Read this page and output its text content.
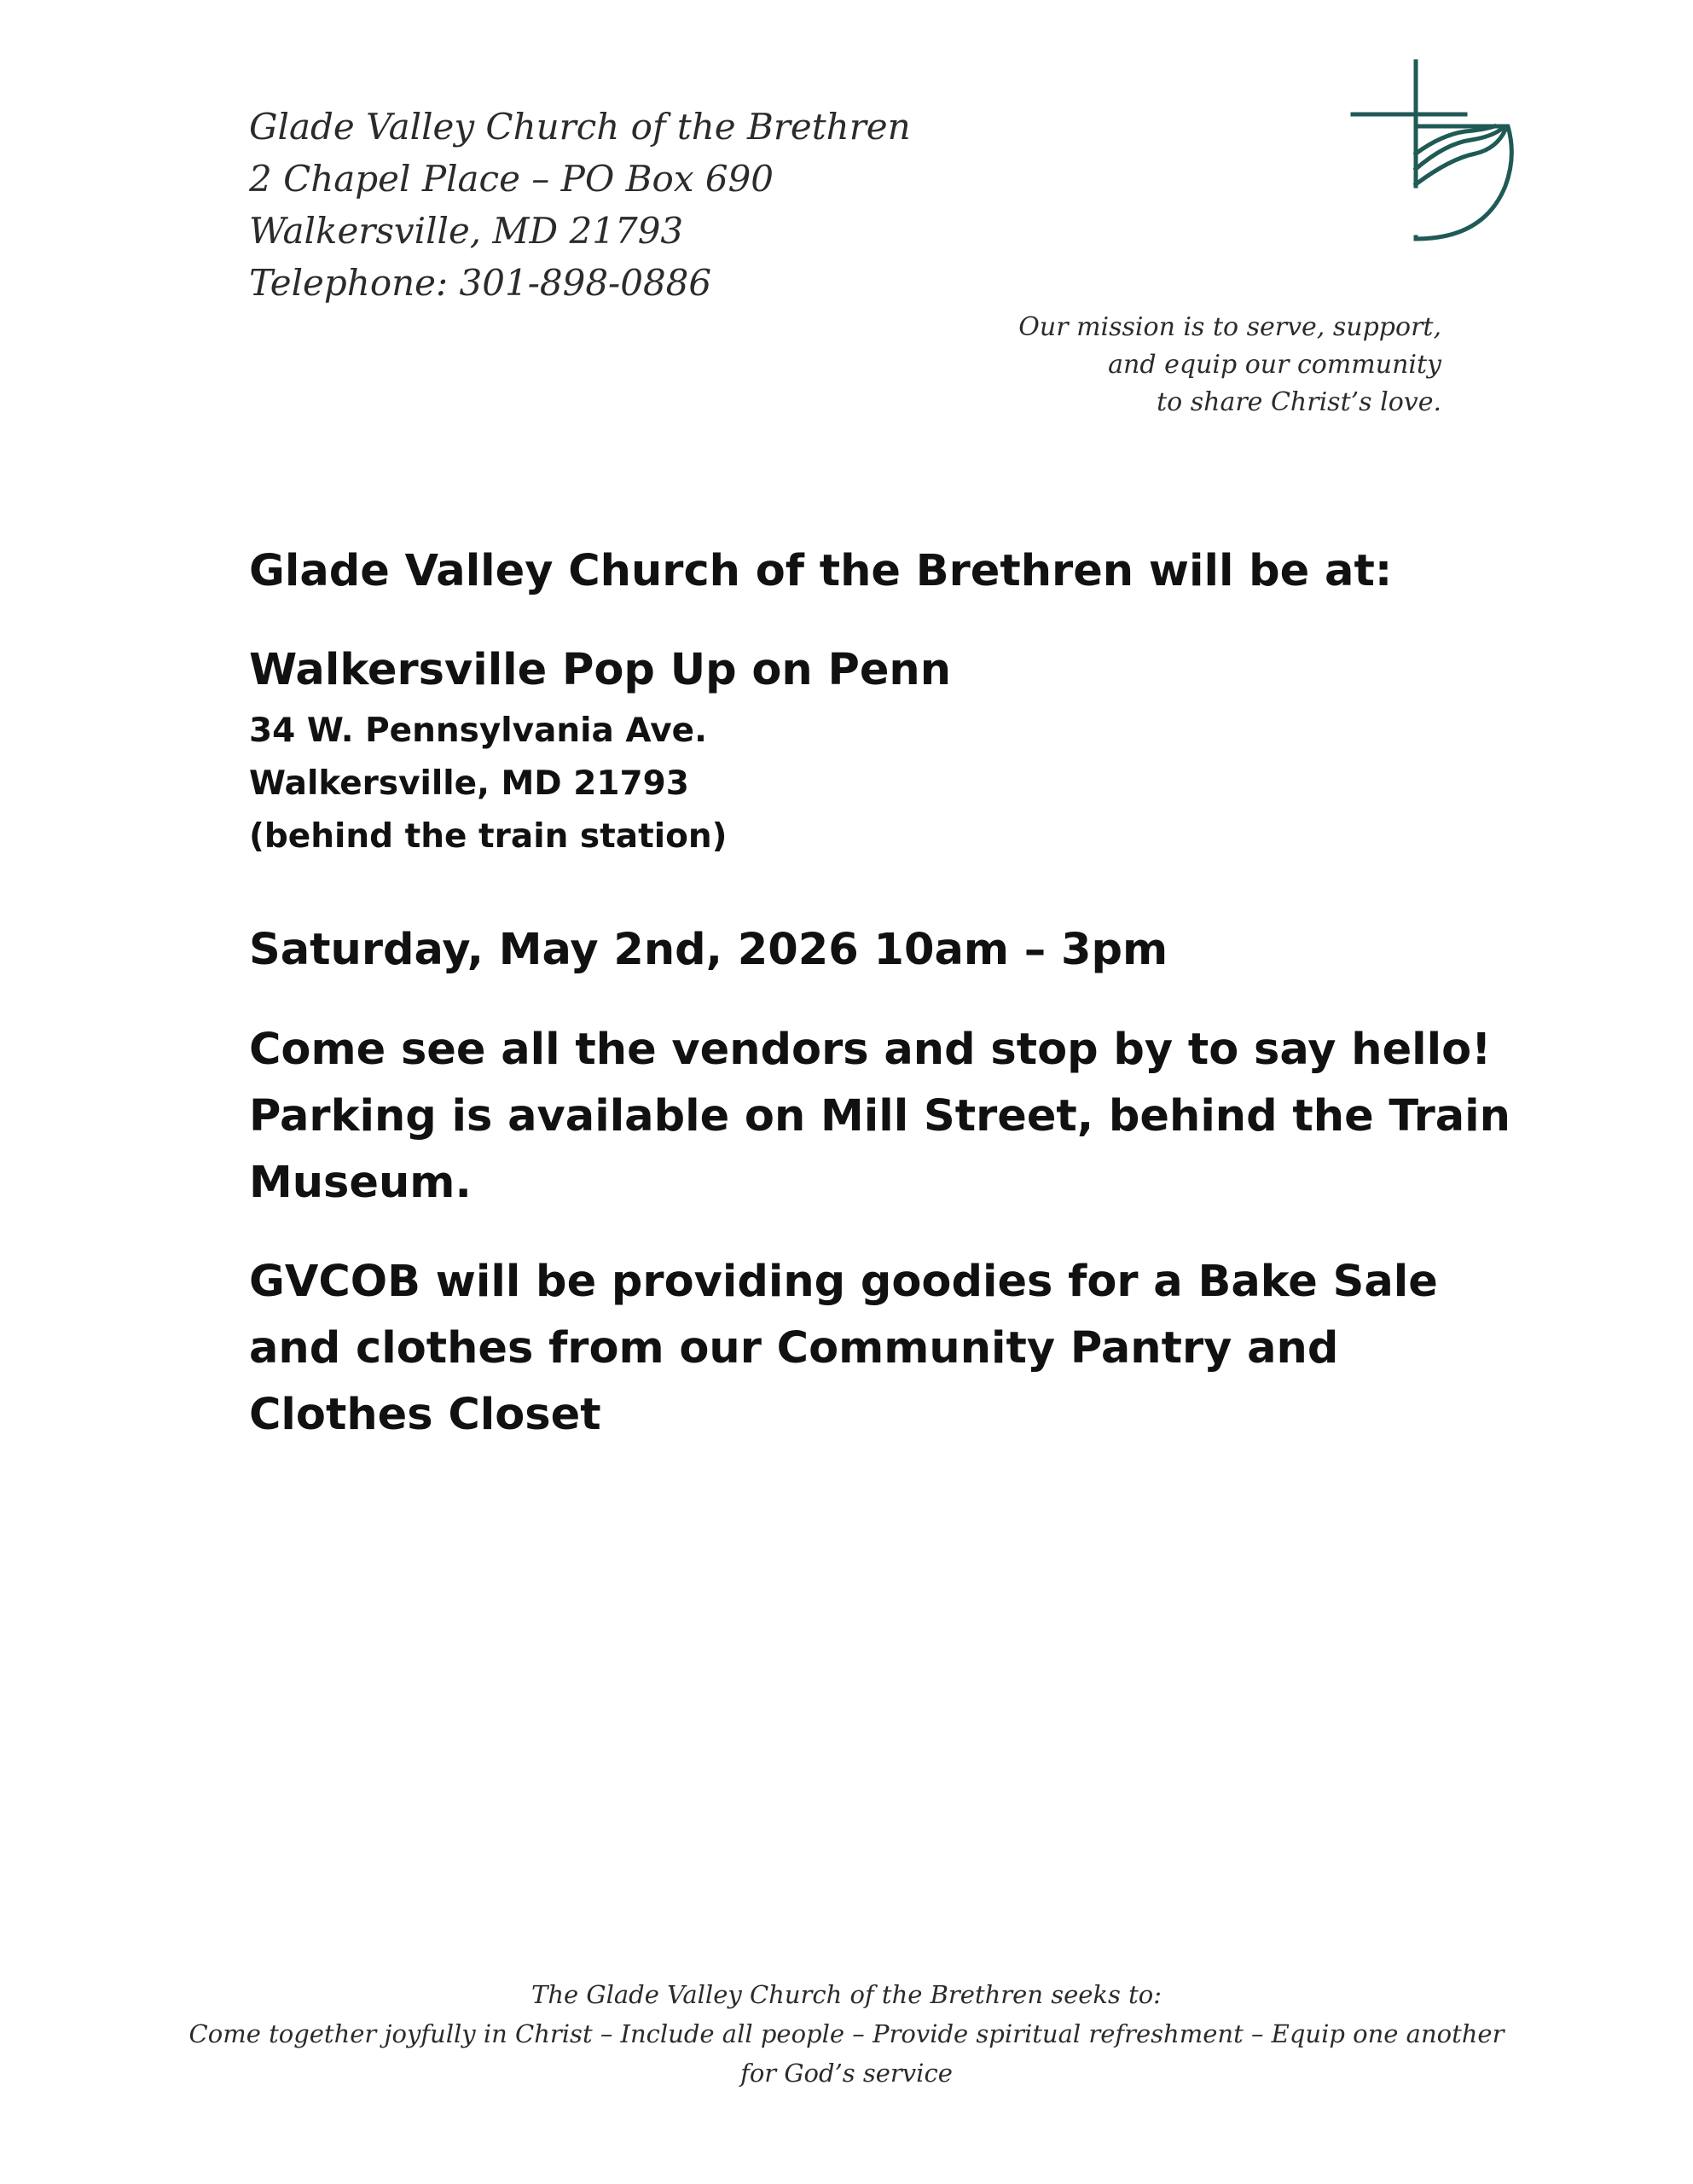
Glade Valley Church of the Brethren
2 Chapel Place – PO Box 690
Walkersville, MD 21793
Telephone: 301-898-0886
Our mission is to serve, support,
and equip our community
to share Christ’s love.

Glade Valley Church of the Brethren will be at:

Walkersville Pop Up on Penn

34 W. Pennsylvania Ave.

Walkersville, MD 21793

(behind the train station)

Saturday, May 2nd, 2026 10am – 3pm

Come see all the vendors and stop by to say hello!
Parking is available on Mill Street, behind the Train
Museum.
GVCOB will be providing goodies for a Bake Sale
and clothes from our Community Pantry and
Clothes Closet
The Glade Valley Church of the Brethren seeks to:
Come together joyfully in Christ – Include all people – Provide spiritual refreshment – Equip one another
for God’s service
